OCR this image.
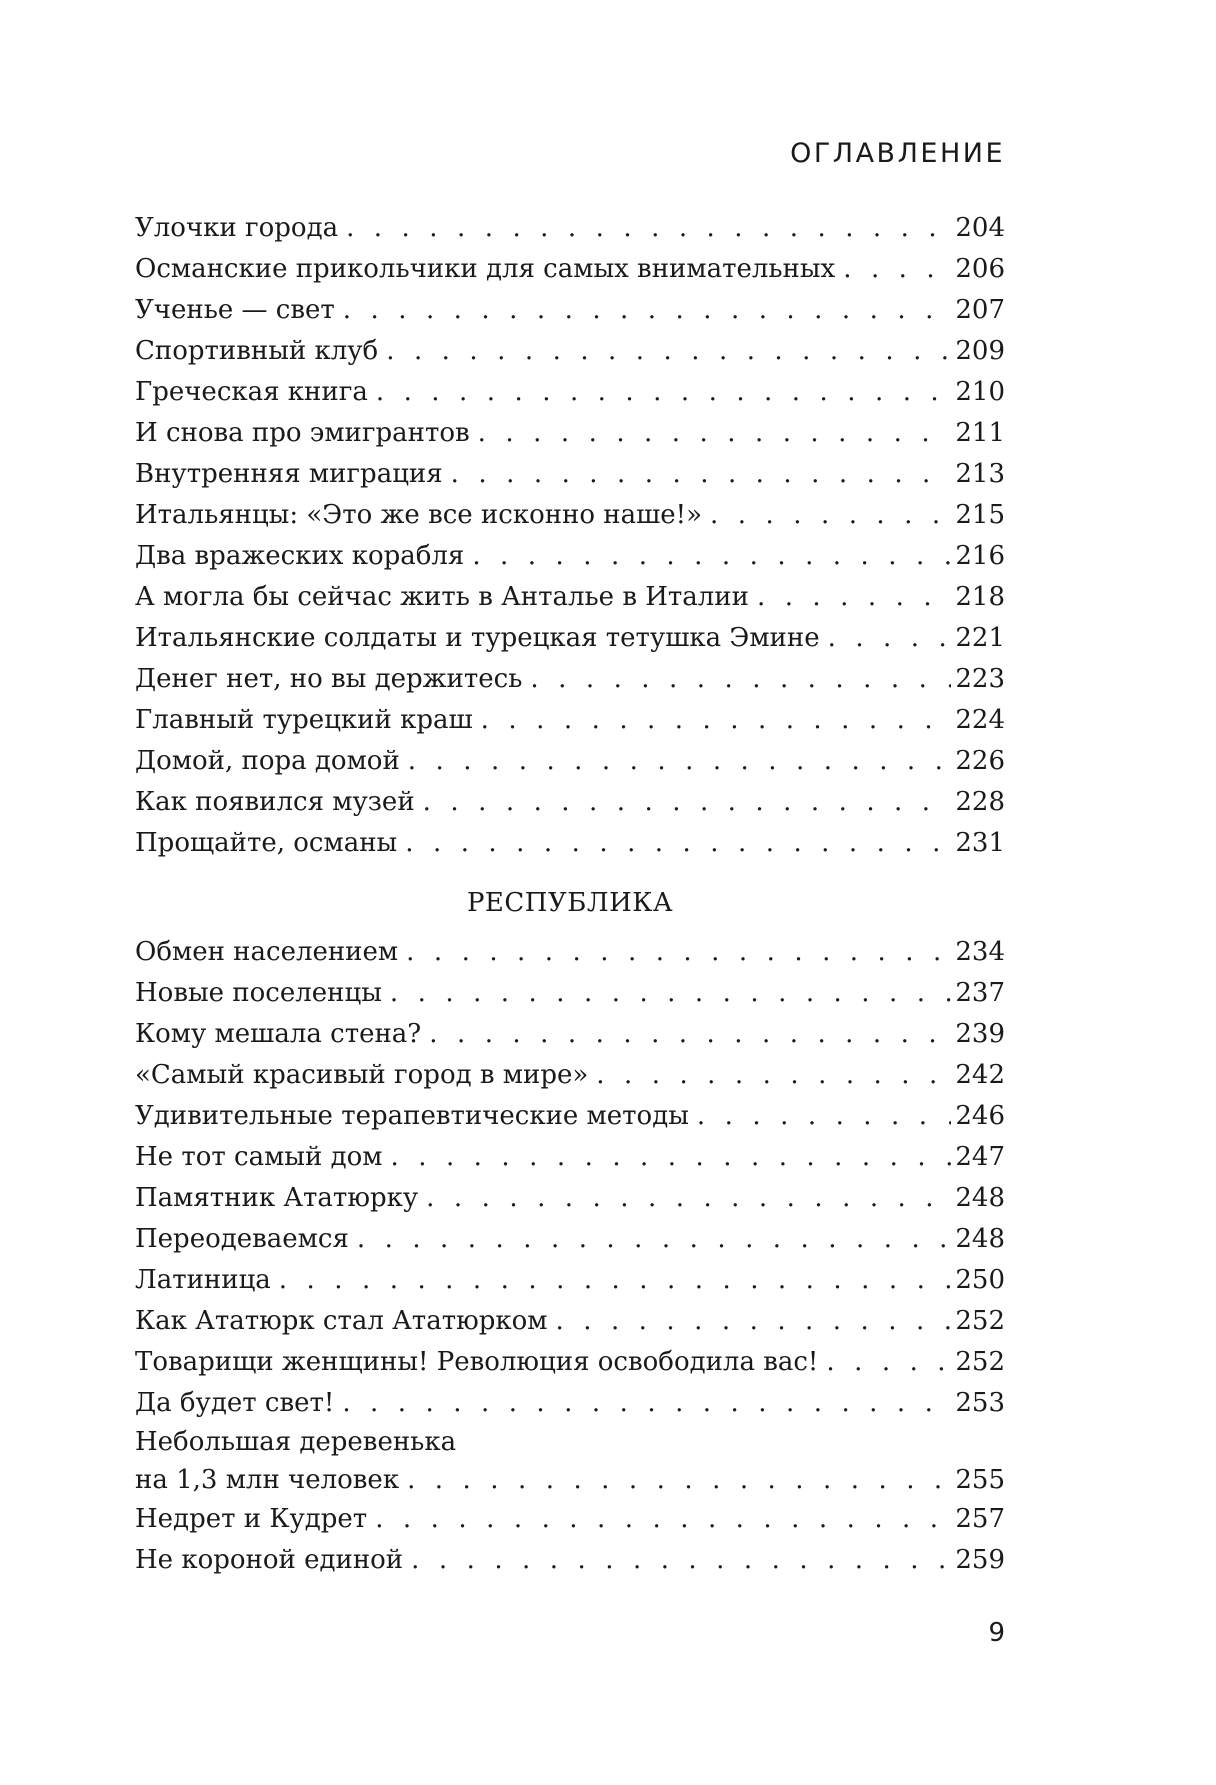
ОГЛАВЛЕНИЕ
Улочки города . . .	204
Османские прикольчики для самых внимательных . . .	206
Ученье — свет . . .	207
Спортивный клуб . . .	209
Греческая книга . . .	210
И снова про эмигрантов . . .	211
Внутренняя миграция . . .	213
Итальянцы: «Это же все исконно наше!» . . .	215
Два вражеских корабля . . .	216
А могла бы сейчас жить в Анталье в Италии . . .	218
Итальянские солдаты и турецкая тетушка Эмине . . .	221
Денег нет, но вы держитесь . . .	223
Главный турецкий краш . . .	224
Домой, пора домой . . .	226
Как появился музей . . .	228
Прощайте, османы . . .	231
РЕСПУБЛИКА
Обмен населением . . .	234
Новые поселенцы . . .	237
Кому мешала стена? . . .	239
«Самый красивый город в мире» . . .	242
Удивительные терапевтические методы . . .	246
Не тот самый дом . . .	247
Памятник Ататюрку . . .	248
Переодеваемся . . .	248
Латиница . . .	250
Как Ататюрк стал Ататюрком . . .	252
Товарищи женщины! Революция освободила вас! . . .	252
Да будет свет! . . .	253
Небольшая деревенька
на 1,3 млн человек . . .	255
Недрет и Кудрет . . .	257
Не короной единой . . .	259
9
